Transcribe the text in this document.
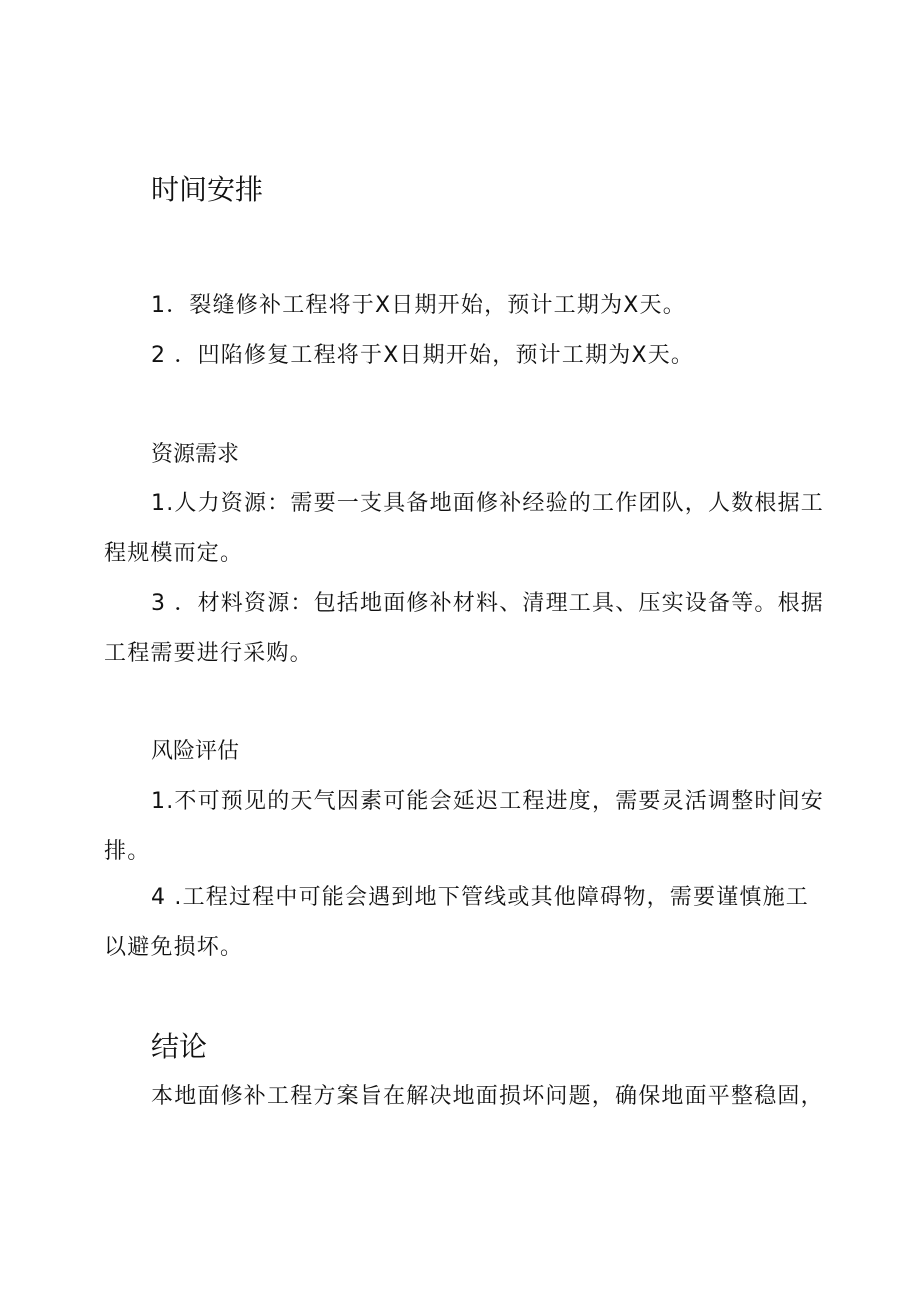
时间安排

1．裂缝修补工程将于X日期开始，预计工期为X天。

2 ．凹陷修复工程将于X日期开始，预计工期为X天。

资源需求

1.人力资源：需要一支具备地面修补经验的工作团队，人数根据工程规模而定。

3 ．材料资源：包括地面修补材料、清理工具、压实设备等。根据工程需要进行采购。

风险评估

1.不可预见的天气因素可能会延迟工程进度，需要灵活调整时间安排。

4 .工程过程中可能会遇到地下管线或其他障碍物，需要谨慎施工以避免损坏。

结论

本地面修补工程方案旨在解决地面损坏问题，确保地面平整稳固，
